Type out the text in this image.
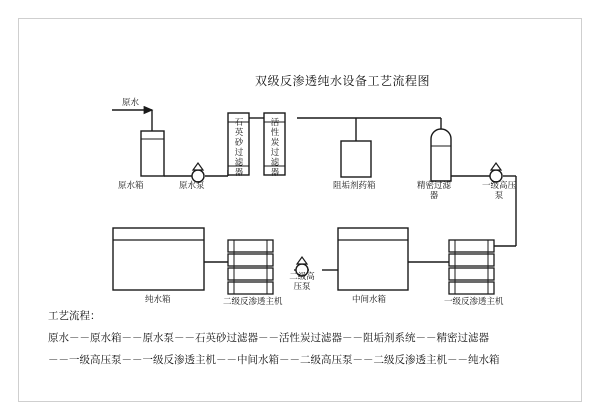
双级反渗透纯水设备工艺流程图
原水
原水箱	原水泵
石英砂过滤器
活性炭过滤器
阻垢剂药箱	精密过滤器
一级高压泵
一级反渗透主机
中间水箱
二级高压泵
二级反渗透主机
纯水箱
工艺流程：
原水－－原水箱－－原水泵－－石英砂过滤器－－活性炭过滤器－－阻垢剂系统－－精密过滤器
－－一级高压泵－－一级反渗透主机－－中间水箱－－二级高压泵－－二级反渗透主机－－纯水箱
